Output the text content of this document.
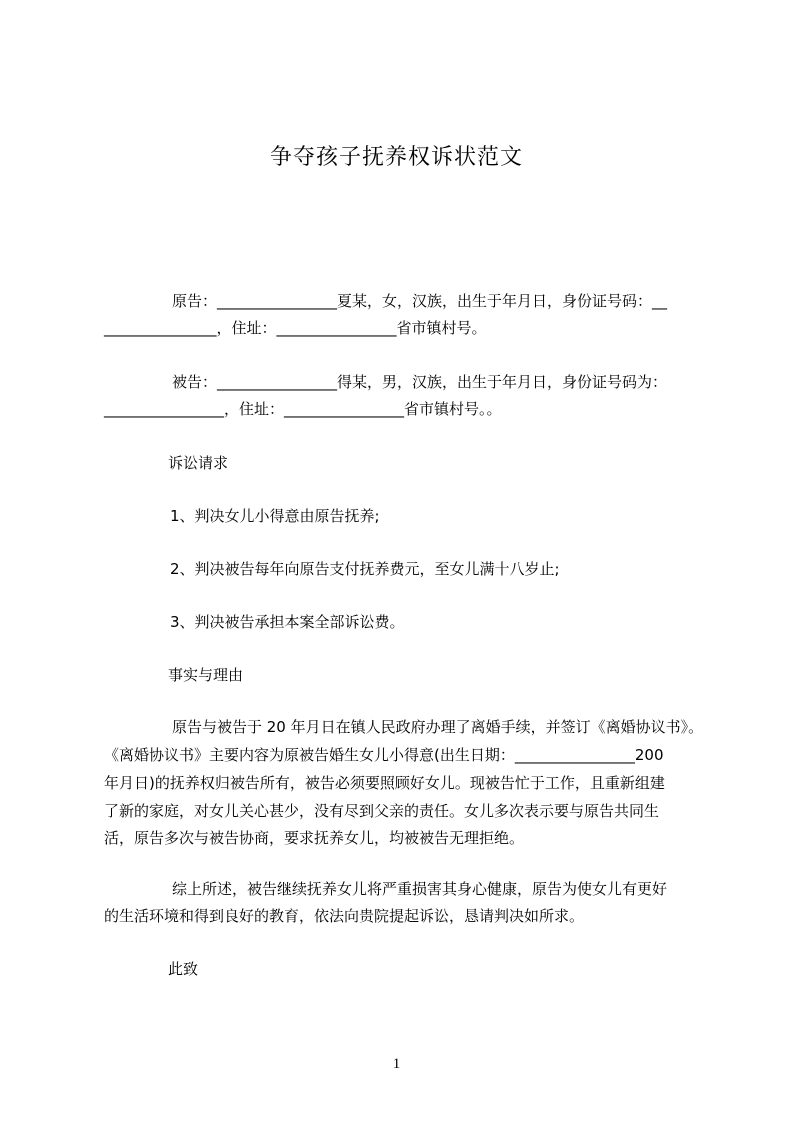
争夺孩子抚养权诉状范文
原告：________________夏某，女，汉族，出生于年月日，身份证号码：__
_______________，住址：________________省市镇村号。
被告：________________得某，男，汉族，出生于年月日，身份证号码为：
________________，住址：________________省市镇村号。。
诉讼请求
1、判决女儿小得意由原告抚养;
2、判决被告每年向原告支付抚养费元，至女儿满十八岁止;
3、判决被告承担本案全部诉讼费。
事实与理由
原告与被告于 20 年月日在镇人民政府办理了离婚手续，并签订《离婚协议书》。
《离婚协议书》主要内容为原被告婚生女儿小得意(出生日期：________________200
年月日)的抚养权归被告所有，被告必须要照顾好女儿。现被告忙于工作，且重新组建
了新的家庭，对女儿关心甚少，没有尽到父亲的责任。女儿多次表示要与原告共同生
活，原告多次与被告协商，要求抚养女儿，均被被告无理拒绝。
综上所述，被告继续抚养女儿将严重损害其身心健康，原告为使女儿有更好
的生活环境和得到良好的教育，依法向贵院提起诉讼，恳请判决如所求。
此致
1
